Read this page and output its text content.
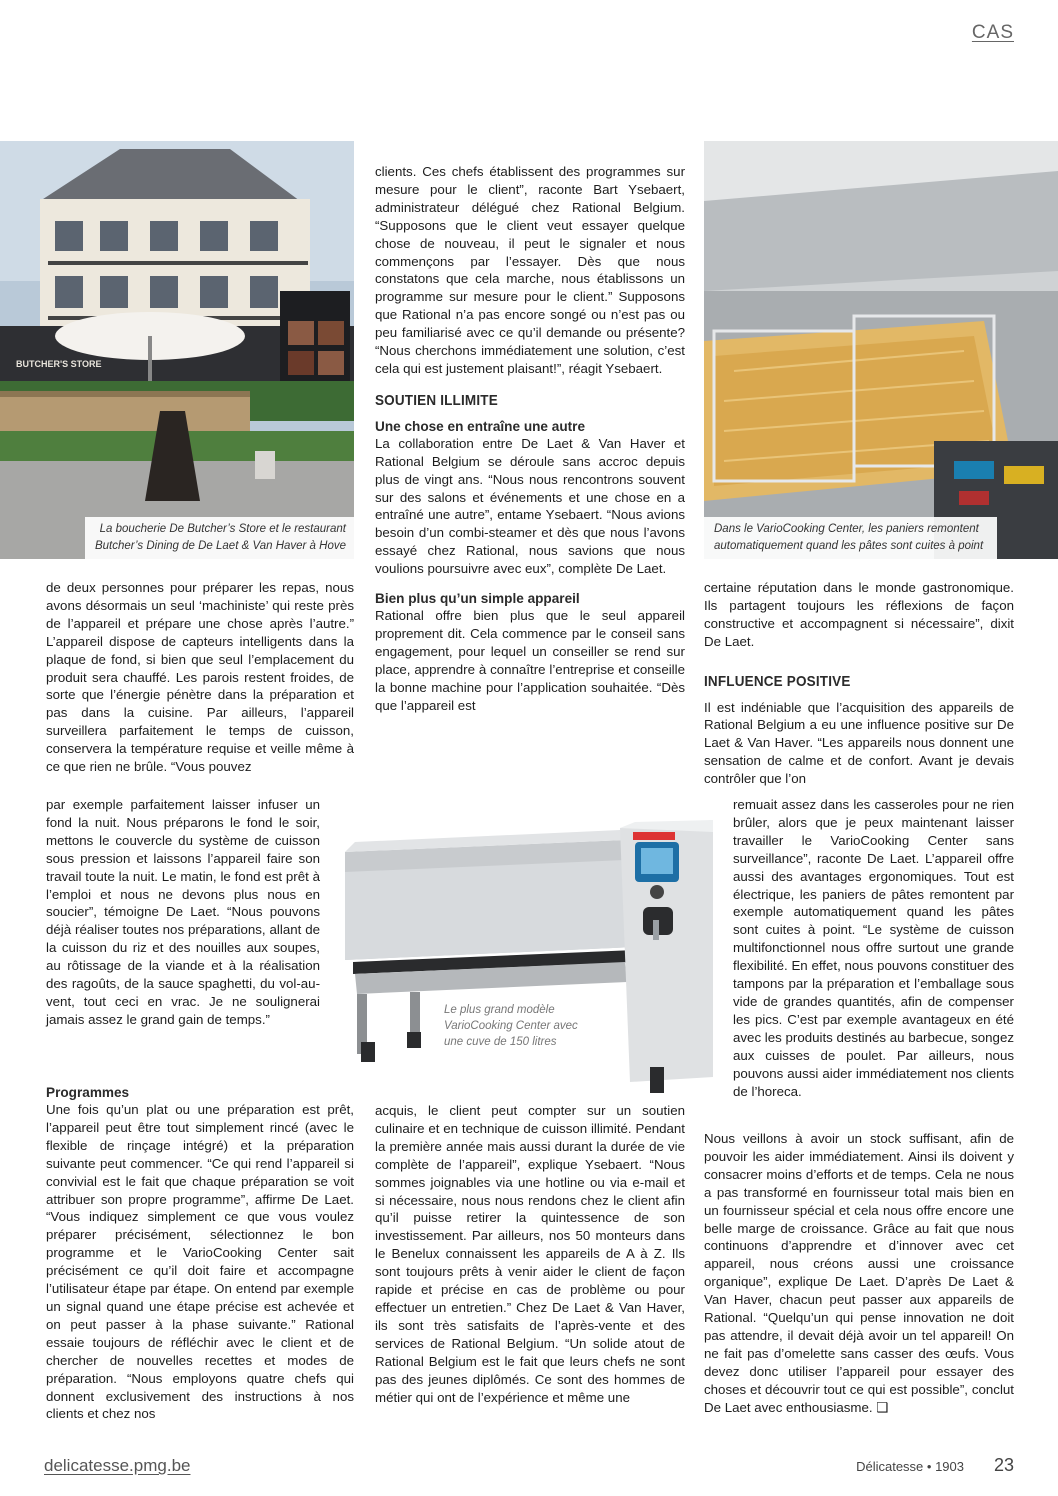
CAS
BUTCHER'S STORE
La boucherie De Butcher’s Store et le restaurant
Butcher’s Dining de De Laet & Van Haver à Hove
Dans le VarioCooking Center, les paniers remontent
automatiquement quand les pâtes sont cuites à point
Le plus grand modèle VarioCooking Center avec une cuve de 150 litres

clients. Ces chefs établissent des programmes sur mesure pour le client”, raconte Bart Ysebaert, administrateur délégué chez Rational Belgium. “Supposons que le client veut essayer quelque chose de nouveau, il peut le signaler et nous commençons par l’essayer. Dès que nous constatons que cela marche, nous établissons un programme sur mesure pour le client.” Supposons que Rational n’a pas encore songé ou n’est pas ou peu familiarisé avec ce qu’il demande ou présente? “Nous cherchons immédiatement une solution, c’est cela qui est justement plaisant!”, réagit Ysebaert.

SOUTIEN ILLIMITE
Une chose en entraîne une autre

La collaboration entre De Laet & Van Haver et Rational Belgium se déroule sans accroc depuis plus de vingt ans. “Nous nous rencontrons souvent sur des salons et événements et une chose en a entraîné une autre”, entame Ysebaert. “Nous avions besoin d’un combi-steamer et dès que nous l’avons essayé chez Rational, nous savions que nous voulions poursuivre avec eux”, complète De Laet.

Bien plus qu’un simple appareil

Rational offre bien plus que le seul appareil proprement dit. Cela commence par le conseil sans engagement, pour lequel un conseiller se rend sur place, apprendre à connaître l’entreprise et conseille la bonne machine pour l’application souhaitée. “Dès que l’appareil est

de deux personnes pour préparer les repas, nous avons désormais un seul ‘machiniste’ qui reste près de l’appareil et prépare une chose après l’autre.” L’appareil dispose de capteurs intelligents dans la plaque de fond, si bien que seul l’emplacement du produit sera chauffé. Les parois restent froides, de sorte que l’énergie pénètre dans la préparation et pas dans la cuisine. Par ailleurs, l’appareil surveillera parfaitement le temps de cuisson, conservera la température requise et veille même à ce que rien ne brûle. “Vous pouvez

par exemple parfaitement laisser infuser un fond la nuit. Nous préparons le fond le soir, mettons le couvercle du système de cuisson sous pression et laissons l’appareil faire son travail toute la nuit. Le matin, le fond est prêt à l’emploi et nous ne devons plus nous en soucier”, témoigne De Laet. “Nous pouvons déjà réaliser toutes nos préparations, allant de la cuisson du riz et des nouilles aux soupes, au rôtissage de la viande et à la réalisation des ragoûts, de la sauce spaghetti, du vol-au-vent, tout ceci en vrac. Je ne soulignerai jamais assez le grand gain de temps.”

Programmes

Une fois qu’un plat ou une préparation est prêt, l’appareil peut être tout simplement rincé (avec le flexible de rinçage intégré) et la préparation suivante peut commencer. “Ce qui rend l’appareil si convivial est le fait que chaque préparation se voit attribuer son propre programme”, affirme De Laet. “Vous indiquez simplement ce que vous voulez préparer précisément, sélectionnez le bon programme et le VarioCooking Center sait précisément ce qu’il doit faire et accompagne l’utilisateur étape par étape. On entend par exemple un signal quand une étape précise est achevée et on peut passer à la phase suivante.” Rational essaie toujours de réfléchir avec le client et de chercher de nouvelles recettes et modes de préparation. “Nous employons quatre chefs qui donnent exclusivement des instructions à nos clients et chez nos

acquis, le client peut compter sur un soutien culinaire et en technique de cuisson illimité. Pendant la première année mais aussi durant la durée de vie complète de l’appareil”, explique Ysebaert. “Nous sommes joignables via une hotline ou via e-mail et si nécessaire, nous nous rendons chez le client afin qu’il puisse retirer la quintessence de son investissement. Par ailleurs, nos 50 monteurs dans le Benelux connaissent les appareils de A à Z. Ils sont toujours prêts à venir aider le client de façon rapide et précise en cas de problème ou pour effectuer un entretien.” Chez De Laet & Van Haver, ils sont très satisfaits de l’après-vente et des services de Rational Belgium. “Un solide atout de Rational Belgium est le fait que leurs chefs ne sont pas des jeunes diplômés. Ce sont des hommes de métier qui ont de l’expérience et même une

certaine réputation dans le monde gastronomique. Ils partagent toujours les réflexions de façon constructive et accompagnent si nécessaire”, dixit De Laet.

INFLUENCE POSITIVE

Il est indéniable que l’acquisition des appareils de Rational Belgium a eu une influence positive sur De Laet & Van Haver. “Les appareils nous donnent une sensation de calme et de confort. Avant je devais contrôler que l’on

remuait assez dans les casseroles pour ne rien brûler, alors que je peux maintenant laisser travailler le VarioCooking Center sans surveillance”, raconte De Laet. L’appareil offre aussi des avantages ergonomiques. Tout est électrique, les paniers de pâtes remontent par exemple automatiquement quand les pâtes sont cuites à point. “Le système de cuisson multifonctionnel nous offre surtout une grande flexibilité. En effet, nous pouvons constituer des tampons par la préparation et l’emballage sous vide de grandes quantités, afin de compenser les pics. C’est par exemple avantageux en été avec les produits destinés au barbecue, songez aux cuisses de poulet. Par ailleurs, nous pouvons aussi aider immédiatement nos clients de l’horeca.

Nous veillons à avoir un stock suffisant, afin de pouvoir les aider immédiatement. Ainsi ils doivent y consacrer moins d’efforts et de temps. Cela ne nous a pas transformé en fournisseur total mais bien en un fournisseur spécial et cela nous offre encore une belle marge de croissance. Grâce au fait que nous continuons d’apprendre et d’innover avec cet appareil, nous créons aussi une croissance organique”, explique De Laet. D’après De Laet & Van Haver, chacun peut passer aux appareils de Rational. “Quelqu’un qui pense innovation ne doit pas attendre, il devait déjà avoir un tel appareil! On ne fait pas d’omelette sans casser des œufs. Vous devez donc utiliser l’appareil pour essayer des choses et découvrir tout ce qui est possible”, conclut De Laet avec enthousiasme. ❑

delicatesse.pmg.be	Délicatesse • 1903 23
